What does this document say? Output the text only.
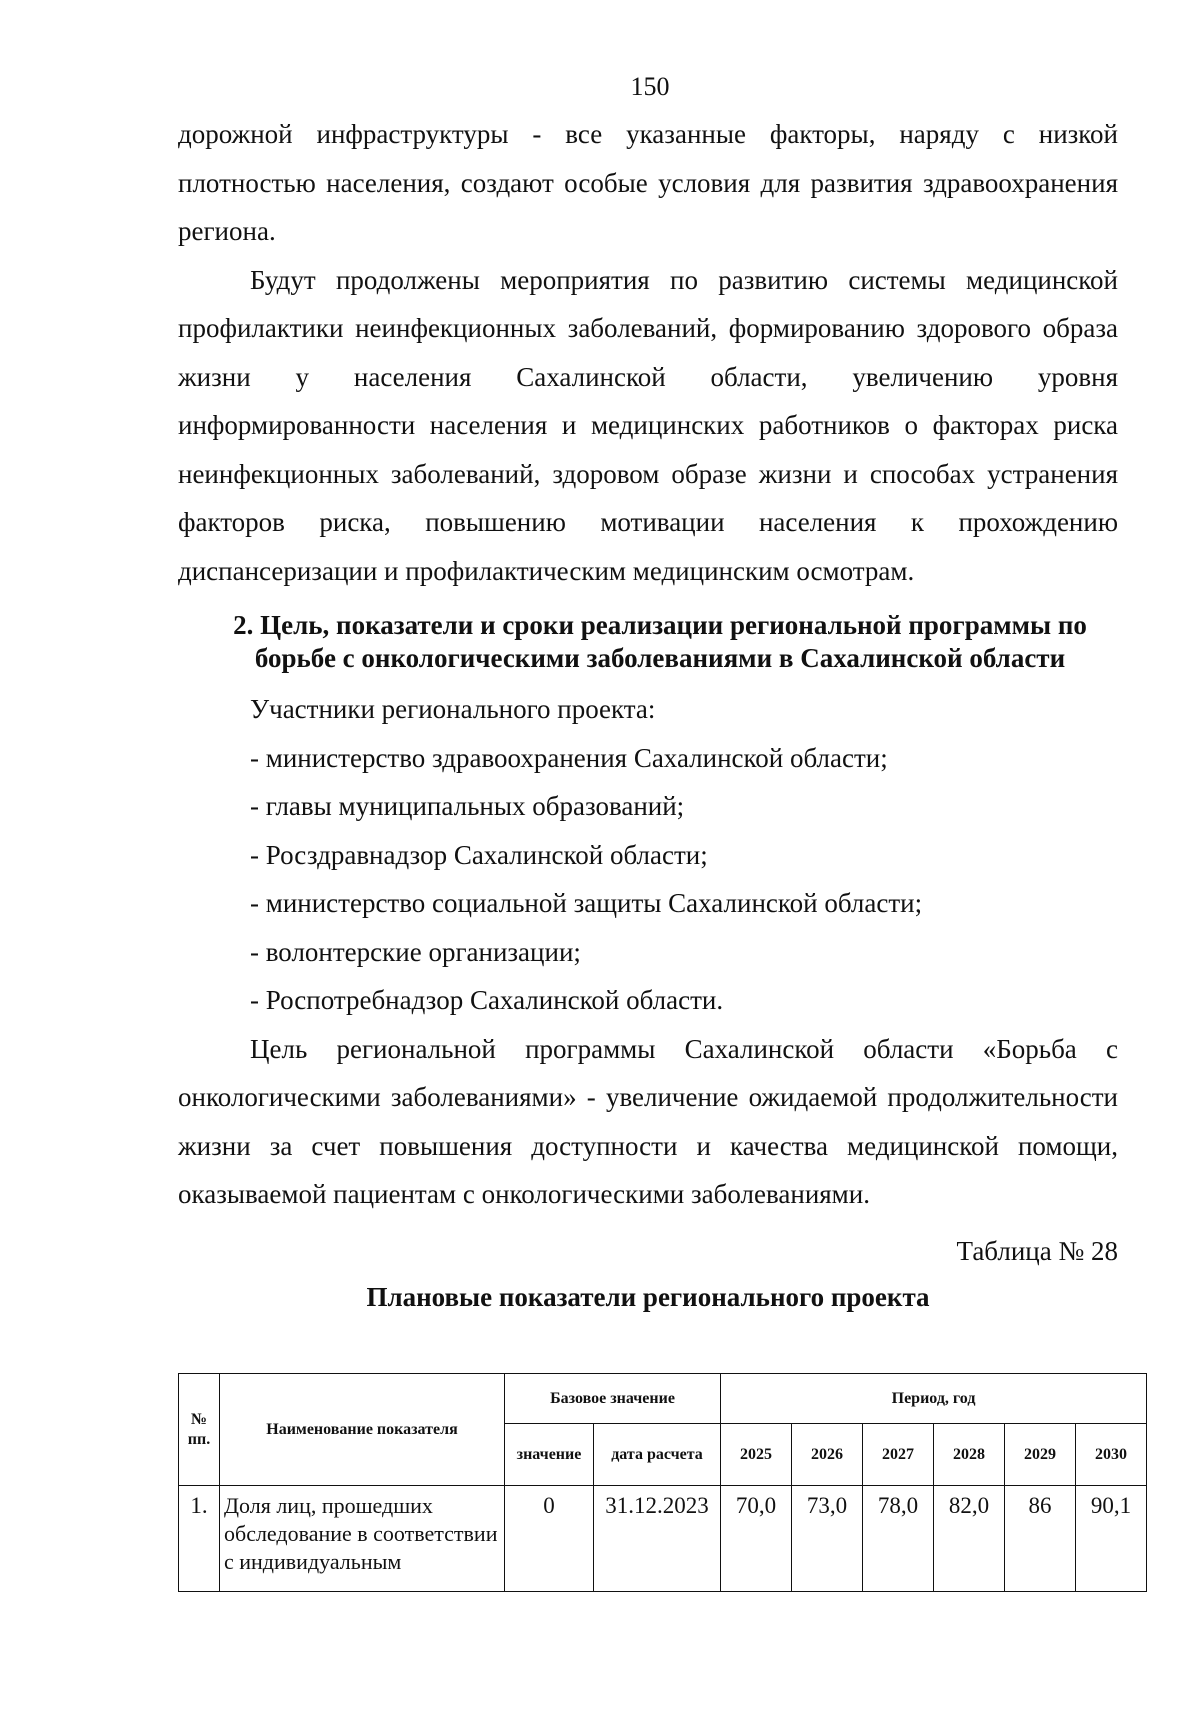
150

дорожной инфраструктуры - все указанные факторы, наряду с низкой плотностью населения, создают особые условия для развития здравоохранения региона.

Будут продолжены мероприятия по развитию системы медицинской профилактики неинфекционных заболеваний, формированию здорового образа жизни у населения Сахалинской области, увеличению уровня информированности населения и медицинских работников о факторах риска неинфекционных заболеваний, здоровом образе жизни и способах устранения факторов риска, повышению мотивации населения к прохождению диспансеризации и профилактическим медицинским осмотрам.

2. Цель, показатели и сроки реализации региональной программы по борьбе с онкологическими заболеваниями в Сахалинской области

Участники регионального проекта:

- министерство здравоохранения Сахалинской области;

- главы муниципальных образований;

- Росздравнадзор Сахалинской области;

- министерство социальной защиты Сахалинской области;

- волонтерские организации;

- Роспотребнадзор Сахалинской области.

Цель региональной программы Сахалинской области «Борьба с онкологическими заболеваниями» - увеличение ожидаемой продолжительности жизни за счет повышения доступности и качества медицинской помощи, оказываемой пациентам с онкологическими заболеваниями.

Таблица № 28
Плановые показатели регионального проекта
№ пп.	Наименование показателя	Базовое значение		Период, год					
		значение	дата расчета	2025	2026	2027	2028	2029	2030
1.	Доля лиц, прошедших обследование в соответствии с индивидуальным	0	31.12.2023	70,0	73,0	78,0	82,0	86	90,1
